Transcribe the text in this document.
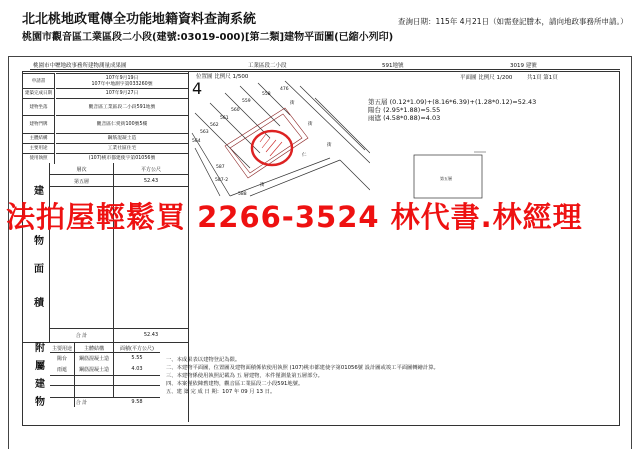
北北桃地政電傳全功能地籍資料查詢系統
桃園市觀音區工業區段二小段(建號:03019-000)[第二類]建物平面圖(已縮小列印)
查詢日期：115年 4月21日（如需登記謄本，請向地政事務所申請。）
桃園市中壢地政事務所建物測量成果圖	工業區段二小段	591地號	3019 建號
位置圖 比例尺 1/500
4	558
476
559
560
561
562
563
564
587
587-2
588
街
街
仁
街
街
平面圖 比例尺 1/200	共1頁 第1頁
第五層 (0.12*1.09)+(8.16*6.39)+(1.28*0.12)=52.43
陽台 (2.95*1.88)=5.55
雨遮 (4.58*0.88)=4.03
第五層
層次	平方公尺
第五層	52.43
合 計	52.43
建
物
面
積
主要用途	主體結構	面積(平方公尺)
陽台	鋼筋混凝土造	5.55
雨遮	鋼筋混凝土造	4.03
合 計	9.58
附
屬
建
物
一、本成果表以建物登記為限。
二、本建物平面圖，位置圖及建物面積係依使用執照 (107)桃市都建使字第01056號 設計圖或竣工平面圖轉繪計算。
三、本建物係使用執照記載為 五 層建物，本件僅測量第五層部分。
四、本案僅依陳舊建物，觀音區工業區段二小段591地號。
五、建 築 完 成 日 期：107 年 09 月 13 日。
法拍屋輕鬆買 2266-3524 林代書.林經理
申請書
107年9月19日
107年中地測字第033260號
建築完成日期	107年9月27日
建物坐落	觀音區工業區段二小段591地號
建物門牌	觀音區仁愛街100號5樓
主體結構	鋼筋混凝土造
主要用途	工業社區住宅
使用執照	(107)桃市都建使字第01056號
